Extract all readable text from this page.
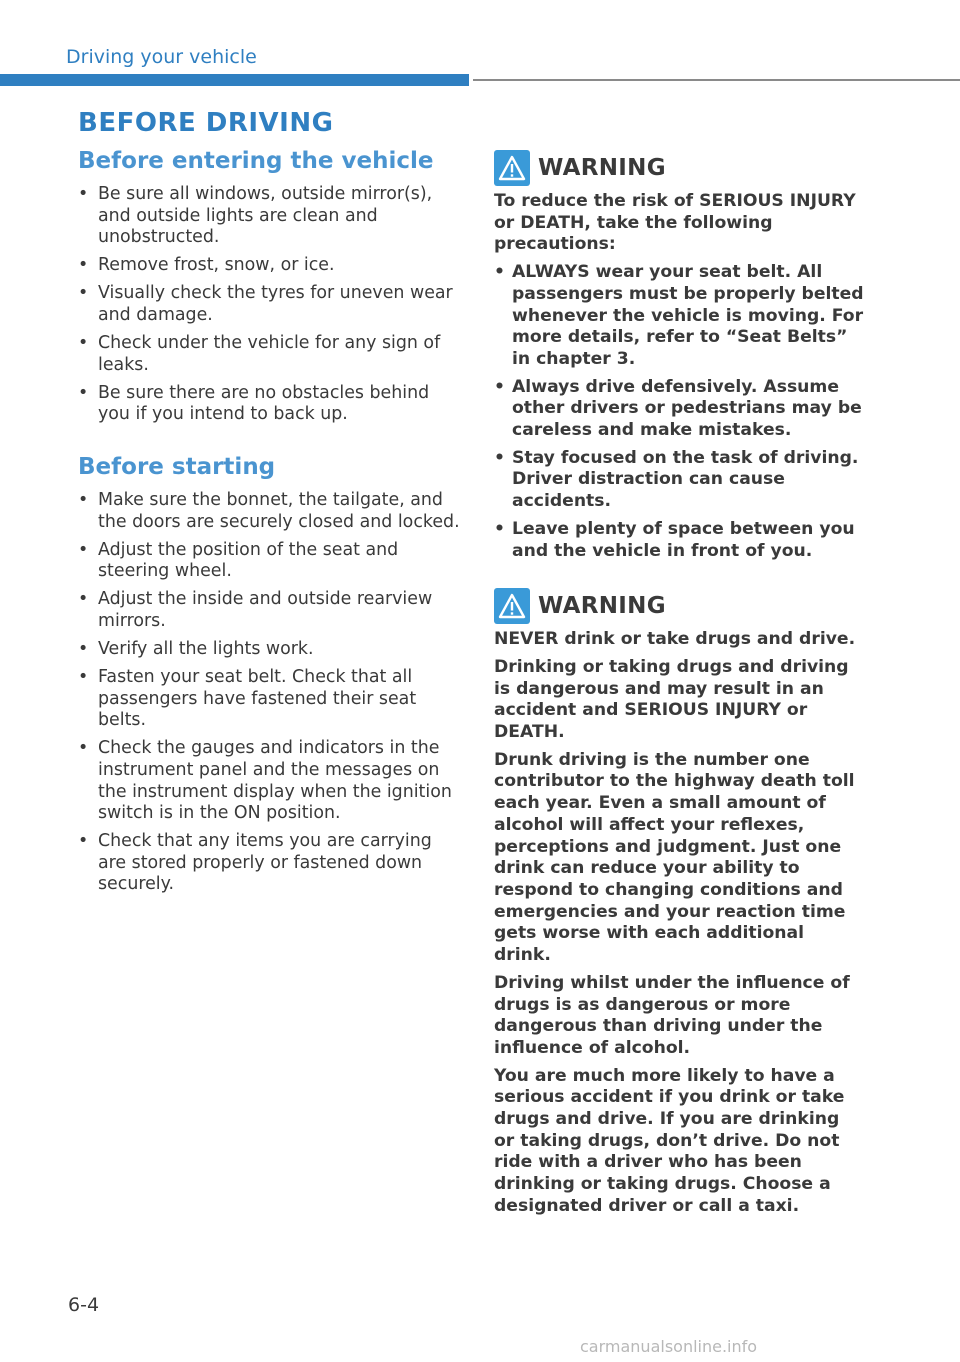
Driving your vehicle
BEFORE DRIVING
Before entering the vehicle
• Be sure all windows, outside mirror(s), and outside lights are clean and unobstructed.
• Remove frost, snow, or ice.
• Visually check the tyres for uneven wear and damage.
• Check under the vehicle for any sign of leaks.
• Be sure there are no obstacles behind you if you intend to back up.
Before starting
• Make sure the bonnet, the tailgate, and the doors are securely closed and locked.
• Adjust the position of the seat and steering wheel.
• Adjust the inside and outside rearview mirrors.
• Verify all the lights work.
• Fasten your seat belt. Check that all passengers have fastened their seat belts.
• Check the gauges and indicators in the instrument panel and the messages on the instrument display when the ignition switch is in the ON position.
• Check that any items you are carrying are stored properly or fastened down securely.
WARNING
To reduce the risk of SERIOUS INJURY or DEATH, take the following precautions:
• ALWAYS wear your seat belt. All passengers must be properly belted whenever the vehicle is moving. For more details, refer to “Seat Belts” in chapter 3.
• Always drive defensively. Assume other drivers or pedestrians may be careless and make mistakes.
• Stay focused on the task of driving. Driver distraction can cause accidents.
• Leave plenty of space between you and the vehicle in front of you.
WARNING
NEVER drink or take drugs and drive.
Drinking or taking drugs and driving is dangerous and may result in an accident and SERIOUS INJURY or DEATH.
Drunk driving is the number one contributor to the highway death toll each year. Even a small amount of alcohol will affect your reflexes, perceptions and judgment. Just one drink can reduce your ability to respond to changing conditions and emergencies and your reaction time gets worse with each additional drink.
Driving whilst under the influence of drugs is as dangerous or more dangerous than driving under the influence of alcohol.
You are much more likely to have a serious accident if you drink or take drugs and drive. If you are drinking or taking drugs, don’t drive. Do not ride with a driver who has been drinking or taking drugs. Choose a designated driver or call a taxi.
6-4
carmanualsonline.info
